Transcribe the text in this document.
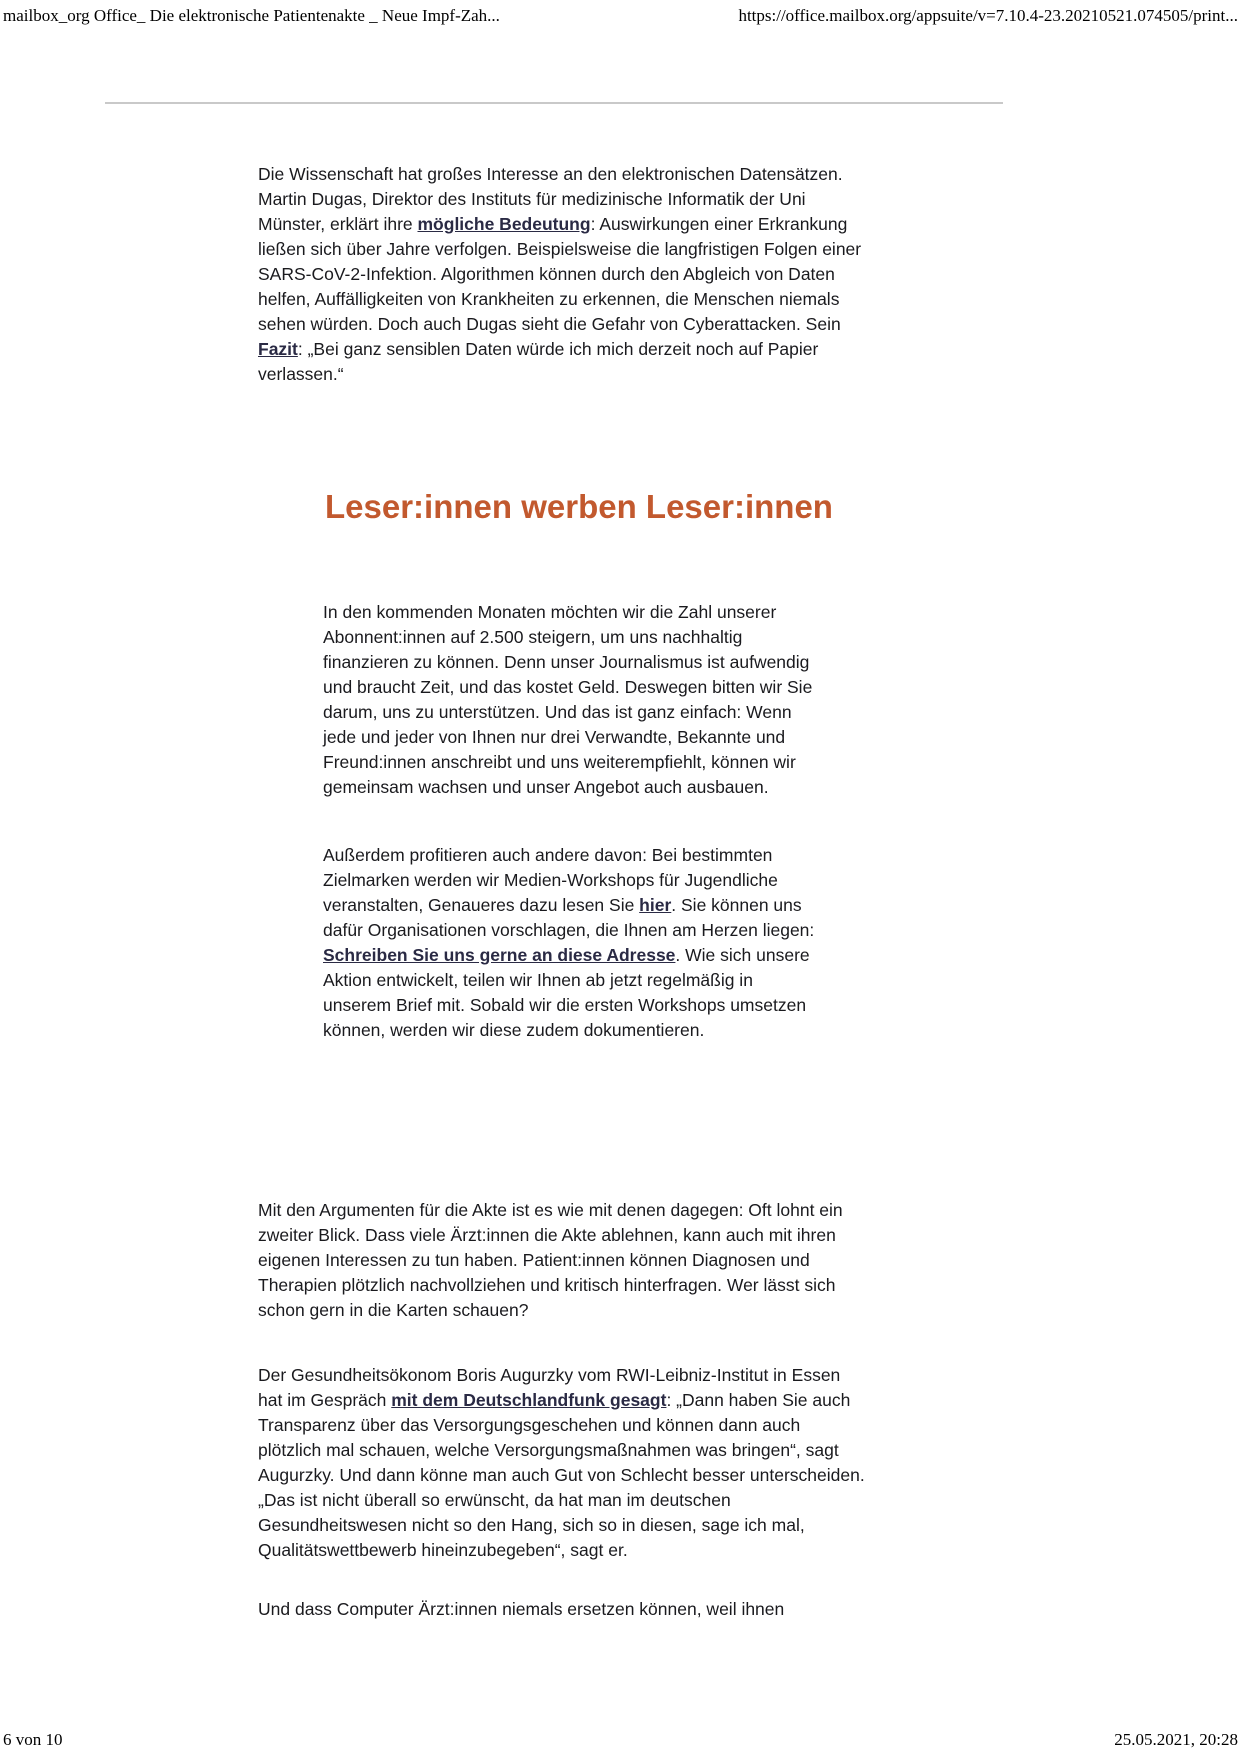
mailbox_org Office_ Die elektronische Patientenakte _ Neue Impf-Zah...	https://office.mailbox.org/appsuite/v=7.10.4-23.20210521.074505/print...

Die Wissenschaft hat großes Interesse an den elektronischen Datensätzen.
Martin Dugas, Direktor des Instituts für medizinische Informatik der Uni
Münster, erklärt ihre mögliche Bedeutung: Auswirkungen einer Erkrankung
ließen sich über Jahre verfolgen. Beispielsweise die langfristigen Folgen einer
SARS-CoV-2-Infektion. Algorithmen können durch den Abgleich von Daten
helfen, Auffälligkeiten von Krankheiten zu erkennen, die Menschen niemals
sehen würden. Doch auch Dugas sieht die Gefahr von Cyberattacken. Sein
Fazit: „Bei ganz sensiblen Daten würde ich mich derzeit noch auf Papier
verlassen.“

Leser:innen werben Leser:innen

In den kommenden Monaten möchten wir die Zahl unserer
Abonnent:innen auf 2.500 steigern, um uns nachhaltig
finanzieren zu können. Denn unser Journalismus ist aufwendig
und braucht Zeit, und das kostet Geld. Deswegen bitten wir Sie
darum, uns zu unterstützen. Und das ist ganz einfach: Wenn
jede und jeder von Ihnen nur drei Verwandte, Bekannte und
Freund:innen anschreibt und uns weiterempfiehlt, können wir
gemeinsam wachsen und unser Angebot auch ausbauen.

Außerdem profitieren auch andere davon: Bei bestimmten
Zielmarken werden wir Medien-Workshops für Jugendliche
veranstalten, Genaueres dazu lesen Sie hier. Sie können uns
dafür Organisationen vorschlagen, die Ihnen am Herzen liegen:
Schreiben Sie uns gerne an diese Adresse. Wie sich unsere
Aktion entwickelt, teilen wir Ihnen ab jetzt regelmäßig in
unserem Brief mit. Sobald wir die ersten Workshops umsetzen
können, werden wir diese zudem dokumentieren.

Mit den Argumenten für die Akte ist es wie mit denen dagegen: Oft lohnt ein
zweiter Blick. Dass viele Ärzt:innen die Akte ablehnen, kann auch mit ihren
eigenen Interessen zu tun haben. Patient:innen können Diagnosen und
Therapien plötzlich nachvollziehen und kritisch hinterfragen. Wer lässt sich
schon gern in die Karten schauen?

Der Gesundheitsökonom Boris Augurzky vom RWI-Leibniz-Institut in Essen
hat im Gespräch mit dem Deutschlandfunk gesagt: „Dann haben Sie auch
Transparenz über das Versorgungsgeschehen und können dann auch
plötzlich mal schauen, welche Versorgungsmaßnahmen was bringen“, sagt
Augurzky. Und dann könne man auch Gut von Schlecht besser unterscheiden.
„Das ist nicht überall so erwünscht, da hat man im deutschen
Gesundheitswesen nicht so den Hang, sich so in diesen, sage ich mal,
Qualitätswettbewerb hineinzubegeben“, sagt er.

Und dass Computer Ärzt:innen niemals ersetzen können, weil ihnen

6 von 10	25.05.2021, 20:28
